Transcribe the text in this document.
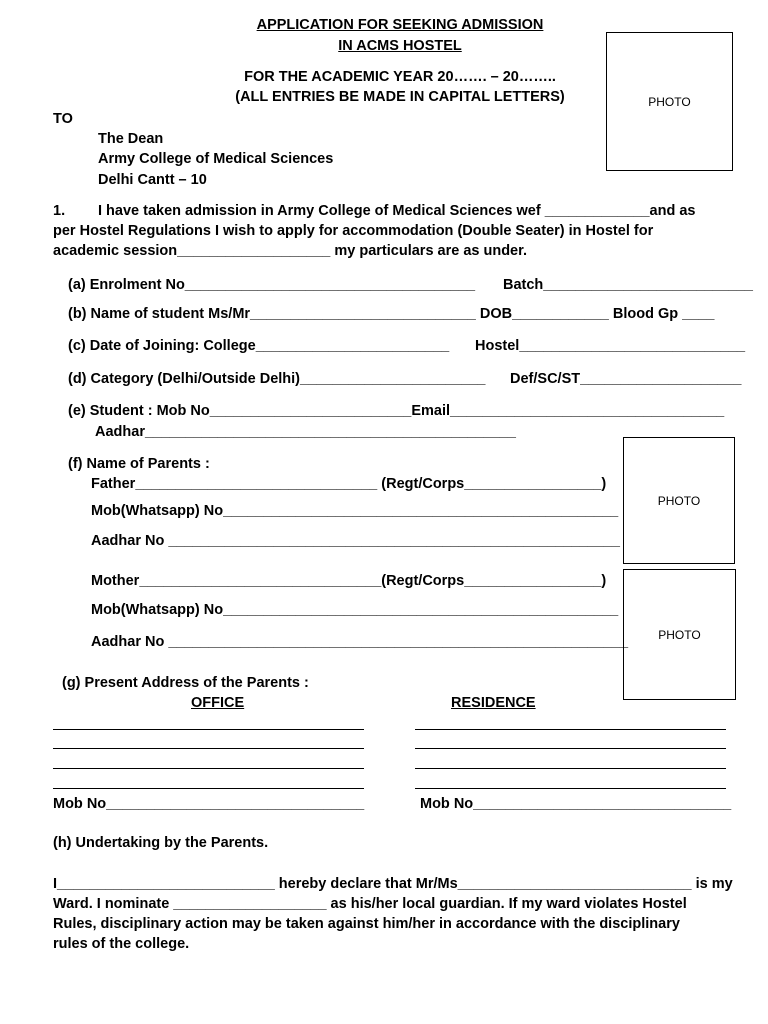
APPLICATION FOR SEEKING ADMISSION
IN ACMS HOSTEL
FOR THE ACADEMIC YEAR 20……. – 20……..
(ALL ENTRIES BE MADE IN CAPITAL LETTERS)	PHOTO
TO
The Dean
Army College of Medical Sciences
Delhi Cantt – 10
1. I have taken admission in Army College of Medical Sciences wef _____________and as
per Hostel Regulations I wish to apply for accommodation (Double Seater) in Hostel for
academic session___________________ my particulars are as under.
(a) Enrolment No____________________________________ Batch__________________________
(b) Name of student Ms/Mr____________________________ DOB____________ Blood Gp ____
(c) Date of Joining: College________________________ Hostel____________________________
(d) Category (Delhi/Outside Delhi)_______________________ Def/SC/ST____________________
(e) Student : Mob No_________________________Email__________________________________
Aadhar______________________________________________
(f) Name of Parents :
Father______________________________ (Regt/Corps_________________)
Mob(Whatsapp) No_________________________________________________
Aadhar No ________________________________________________________
Mother______________________________(Regt/Corps_________________)
Mob(Whatsapp) No_________________________________________________
Aadhar No _________________________________________________________
PHOTO
PHOTO
(g) Present Address of the Parents :
OFFICE	RESIDENCE
Mob No________________________________	Mob No________________________________
(h) Undertaking by the Parents.
I___________________________ hereby declare that Mr/Ms_____________________________ is my
Ward. I nominate ___________________ as his/her local guardian. If my ward violates Hostel
Rules, disciplinary action may be taken against him/her in accordance with the disciplinary
rules of the college.
